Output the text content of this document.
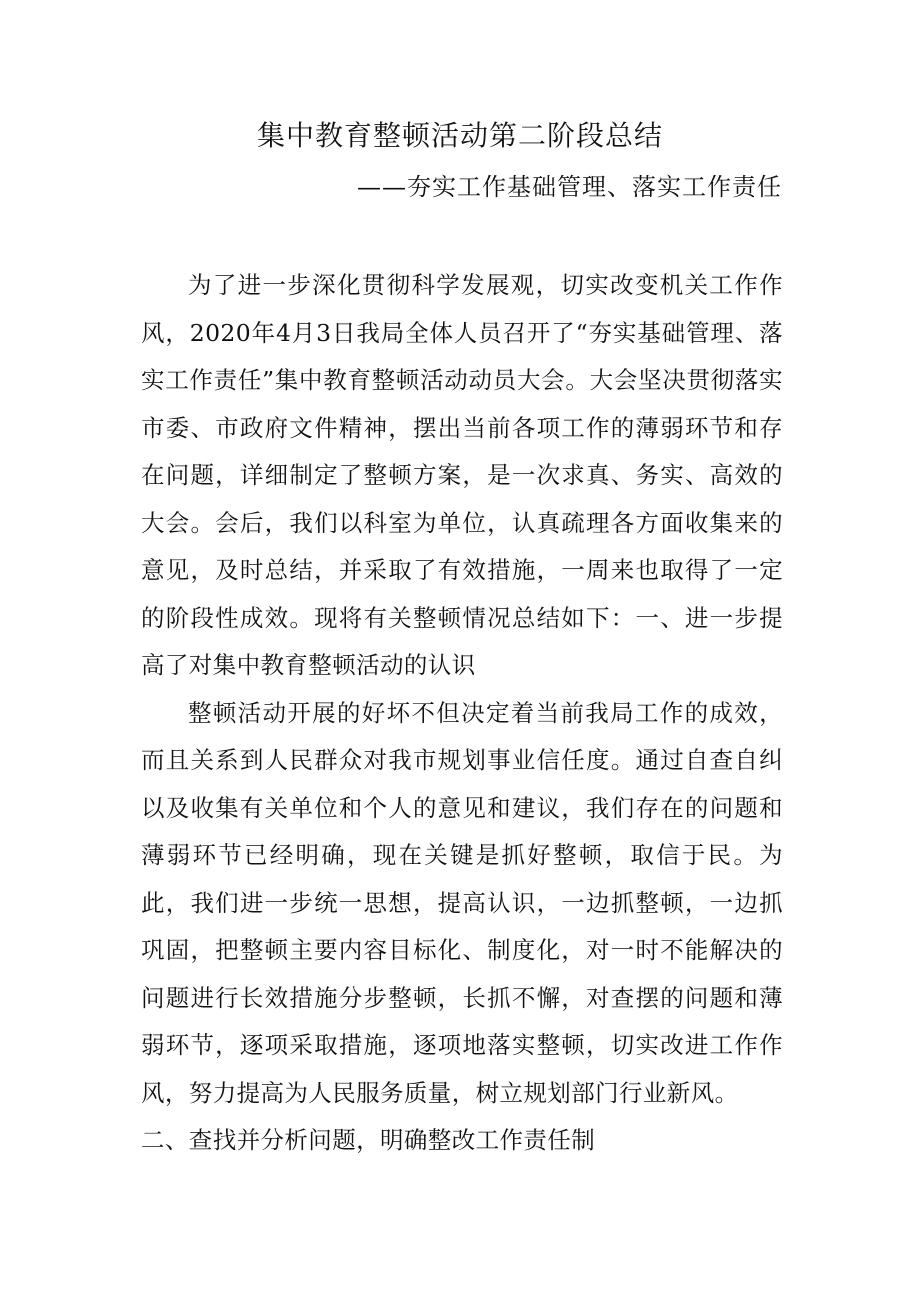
集中教育整顿活动第二阶段总结
——夯实工作基础管理、落实工作责任

为了进一步深化贯彻科学发展观，切实改变机关工作作风，2020年4月3日我局全体人员召开了“夯实基础管理、落实工作责任”集中教育整顿活动动员大会。大会坚决贯彻落实市委、市政府文件精神，摆出当前各项工作的薄弱环节和存在问题，详细制定了整顿方案，是一次求真、务实、高效的大会。会后，我们以科室为单位，认真疏理各方面收集来的意见，及时总结，并采取了有效措施，一周来也取得了一定的阶段性成效。现将有关整顿情况总结如下：一、进一步提高了对集中教育整顿活动的认识

整顿活动开展的好坏不但决定着当前我局工作的成效，而且关系到人民群众对我市规划事业信任度。通过自查自纠以及收集有关单位和个人的意见和建议，我们存在的问题和薄弱环节已经明确，现在关键是抓好整顿，取信于民。为此，我们进一步统一思想，提高认识，一边抓整顿，一边抓巩固，把整顿主要内容目标化、制度化，对一时不能解决的问题进行长效措施分步整顿，长抓不懈，对查摆的问题和薄弱环节，逐项采取措施，逐项地落实整顿，切实改进工作作风，努力提高为人民服务质量，树立规划部门行业新风。

二、查找并分析问题，明确整改工作责任制
